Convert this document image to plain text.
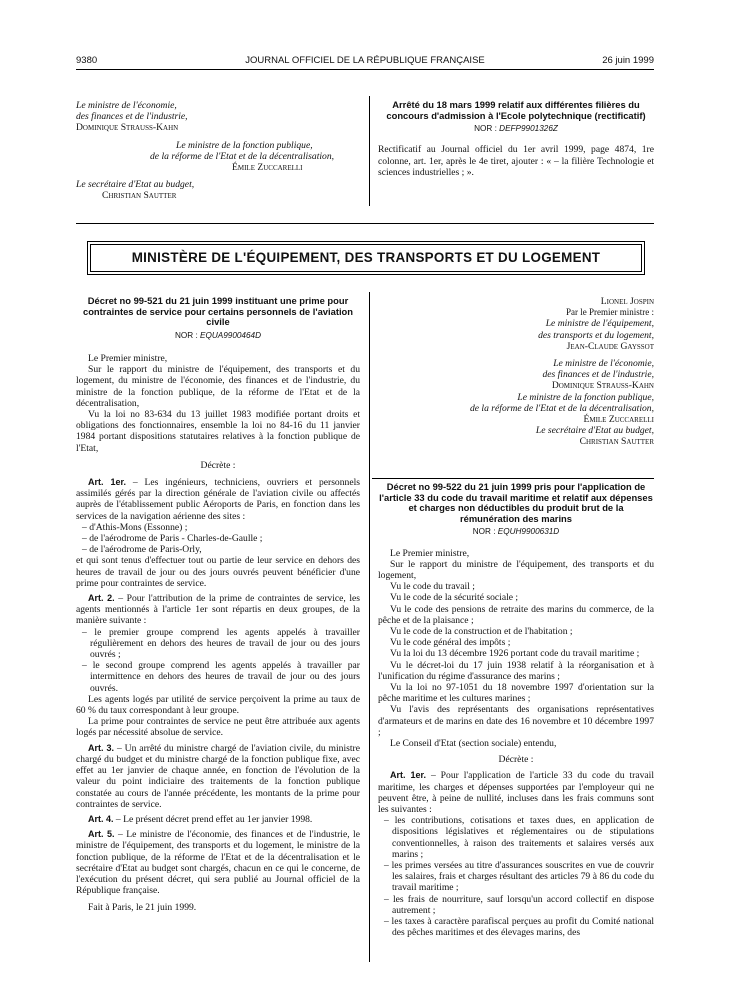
9380	JOURNAL OFFICIEL DE LA RÉPUBLIQUE FRANÇAISE	26 juin 1999
Le ministre de l'économie,
des finances et de l'industrie,
Dominique Strauss-Kahn
Le ministre de la fonction publique,
de la réforme de l'Etat et de la décentralisation,
Émile Zuccarelli
Le secrétaire d'Etat au budget,
Christian Sautter
Arrêté du 18 mars 1999 relatif aux différentes filières du concours d'admission à l'Ecole polytechnique (rectificatif)
NOR : DEFP9901326Z

Rectificatif au Journal officiel du 1er avril 1999, page 4874, 1re colonne, art. 1er, après le 4e tiret, ajouter : « – la filière Technologie et sciences industrielles ; ».

MINISTÈRE DE L'ÉQUIPEMENT, DES TRANSPORTS ET DU LOGEMENT
Décret no 99-521 du 21 juin 1999 instituant une prime pour contraintes de service pour certains personnels de l'aviation civile
NOR : EQUA9900464D

Le Premier ministre,

Sur le rapport du ministre de l'équipement, des transports et du logement, du ministre de l'économie, des finances et de l'industrie, du ministre de la fonction publique, de la réforme de l'Etat et de la décentralisation,

Vu la loi no 83-634 du 13 juillet 1983 modifiée portant droits et obligations des fonctionnaires, ensemble la loi no 84-16 du 11 janvier 1984 portant dispositions statutaires relatives à la fonction publique de l'Etat,

Décrète :

Art. 1er. – Les ingénieurs, techniciens, ouvriers et personnels assimilés gérés par la direction générale de l'aviation civile ou affectés auprès de l'établissement public Aéroports de Paris, en fonction dans les services de la navigation aérienne des sites :

– d'Athis-Mons (Essonne) ;

– de l'aérodrome de Paris - Charles-de-Gaulle ;

– de l'aérodrome de Paris-Orly,

et qui sont tenus d'effectuer tout ou partie de leur service en dehors des heures de travail de jour ou des jours ouvrés peuvent bénéficier d'une prime pour contraintes de service.

Art. 2. – Pour l'attribution de la prime de contraintes de service, les agents mentionnés à l'article 1er sont répartis en deux groupes, de la manière suivante :

– le premier groupe comprend les agents appelés à travailler régulièrement en dehors des heures de travail de jour ou des jours ouvrés ;

– le second groupe comprend les agents appelés à travailler par intermittence en dehors des heures de travail de jour ou des jours ouvrés.

Les agents logés par utilité de service perçoivent la prime au taux de 60 % du taux correspondant à leur groupe.

La prime pour contraintes de service ne peut être attribuée aux agents logés par nécessité absolue de service.

Art. 3. – Un arrêté du ministre chargé de l'aviation civile, du ministre chargé du budget et du ministre chargé de la fonction publique fixe, avec effet au 1er janvier de chaque année, en fonction de l'évolution de la valeur du point indiciaire des traitements de la fonction publique constatée au cours de l'année précédente, les montants de la prime pour contraintes de service.

Art. 4. – Le présent décret prend effet au 1er janvier 1998.

Art. 5. – Le ministre de l'économie, des finances et de l'industrie, le ministre de l'équipement, des transports et du logement, le ministre de la fonction publique, de la réforme de l'Etat et de la décentralisation et le secrétaire d'Etat au budget sont chargés, chacun en ce qui le concerne, de l'exécution du présent décret, qui sera publié au Journal officiel de la République française.

Fait à Paris, le 21 juin 1999.

Lionel Jospin
Par le Premier ministre :
Le ministre de l'équipement,
des transports et du logement,
Jean-Claude Gayssot
Le ministre de l'économie,
des finances et de l'industrie,
Dominique Strauss-Kahn
Le ministre de la fonction publique,
de la réforme de l'Etat et de la décentralisation,
Émile Zuccarelli
Le secrétaire d'Etat au budget,
Christian Sautter
Décret no 99-522 du 21 juin 1999 pris pour l'application de l'article 33 du code du travail maritime et relatif aux dépenses et charges non déductibles du produit brut de la rémunération des marins
NOR : EQUH9900631D

Le Premier ministre,

Sur le rapport du ministre de l'équipement, des transports et du logement,

Vu le code du travail ;

Vu le code de la sécurité sociale ;

Vu le code des pensions de retraite des marins du commerce, de la pêche et de la plaisance ;

Vu le code de la construction et de l'habitation ;

Vu le code général des impôts ;

Vu la loi du 13 décembre 1926 portant code du travail maritime ;

Vu le décret-loi du 17 juin 1938 relatif à la réorganisation et à l'unification du régime d'assurance des marins ;

Vu la loi no 97-1051 du 18 novembre 1997 d'orientation sur la pêche maritime et les cultures marines ;

Vu l'avis des représentants des organisations représentatives d'armateurs et de marins en date des 16 novembre et 10 décembre 1997 ;

Le Conseil d'Etat (section sociale) entendu,

Décrète :

Art. 1er. – Pour l'application de l'article 33 du code du travail maritime, les charges et dépenses supportées par l'employeur qui ne peuvent être, à peine de nullité, incluses dans les frais communs sont les suivantes :

– les contributions, cotisations et taxes dues, en application de dispositions législatives et réglementaires ou de stipulations conventionnelles, à raison des traitements et salaires versés aux marins ;

– les primes versées au titre d'assurances souscrites en vue de couvrir les salaires, frais et charges résultant des articles 79 à 86 du code du travail maritime ;

– les frais de nourriture, sauf lorsqu'un accord collectif en dispose autrement ;

– les taxes à caractère parafiscal perçues au profit du Comité national des pêches maritimes et des élevages marins, des
